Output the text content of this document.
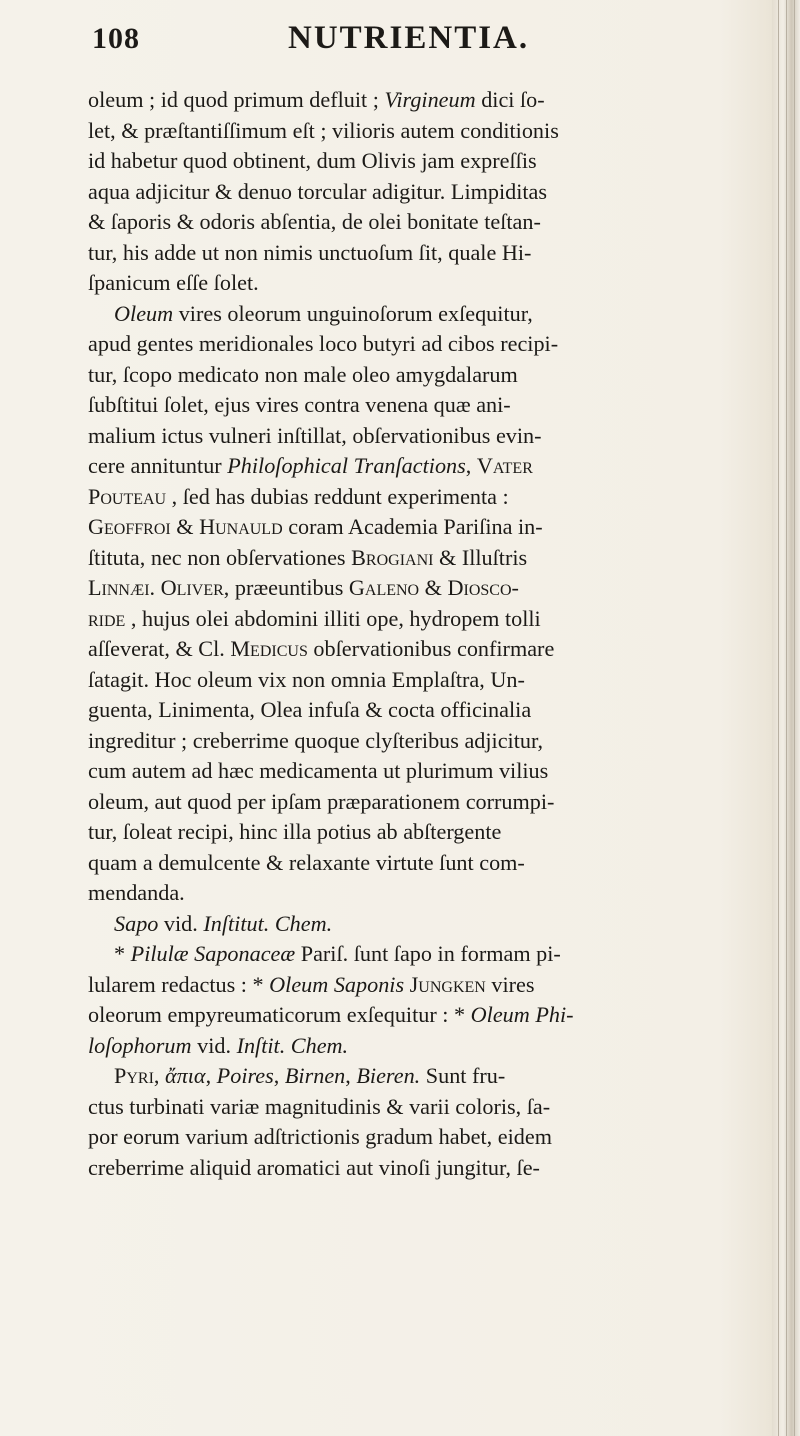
108	NUTRIENTIA.
oleum ; id quod primum defluit ; Virgineum dici ſo-
let, & præſtantiſſimum eſt ; vilioris autem conditionis
id habetur quod obtinent, dum Olivis jam expreſſis
aqua adjicitur & denuo torcular adigitur. Limpiditas
& ſaporis & odoris abſentia, de olei bonitate teſtan-
tur, his adde ut non nimis unctuoſum ſit, quale Hi-
ſpanicum eſſe ſolet.
Oleum vires oleorum unguinoſorum exſequitur,
apud gentes meridionales loco butyri ad cibos recipi-
tur, ſcopo medicato non male oleo amygdalarum
ſubſtitui ſolet, ejus vires contra venena quæ ani-
malium ictus vulneri inſtillat, obſervationibus evin-
cere annituntur Philoſophical Tranſactions, Vater
Pouteau , ſed has dubias reddunt experimenta :
Geoffroi & Hunauld coram Academia Pariſina in-
ſtituta, nec non obſervationes Brogiani & Illuſtris
Linnæi. Oliver, præeuntibus Galeno & Diosco-
ride , hujus olei abdomini illiti ope, hydropem tolli
aſſeverat, & Cl. Medicus obſervationibus confirmare
ſatagit. Hoc oleum vix non omnia Emplaſtra, Un-
guenta, Linimenta, Olea infuſa & cocta officinalia
ingreditur ; creberrime quoque clyſteribus adjicitur,
cum autem ad hæc medicamenta ut plurimum vilius
oleum, aut quod per ipſam præparationem corrumpi-
tur, ſoleat recipi, hinc illa potius ab abſtergente
quam a demulcente & relaxante virtute ſunt com-
mendanda.
Sapo vid. Inſtitut. Chem.
* Pilulæ Saponaceæ Pariſ. ſunt ſapo in formam pi-
lularem redactus : * Oleum Saponis Jungken vires
oleorum empyreumaticorum exſequitur : * Oleum Phi-
loſophorum vid. Inſtit. Chem.
Pyri, ἄπια, Poires, Birnen, Bieren. Sunt fru-
ctus turbinati variæ magnitudinis & varii coloris, ſa-
por eorum varium adſtrictionis gradum habet, eidem
creberrime aliquid aromatici aut vinoſi jungitur, ſe-
